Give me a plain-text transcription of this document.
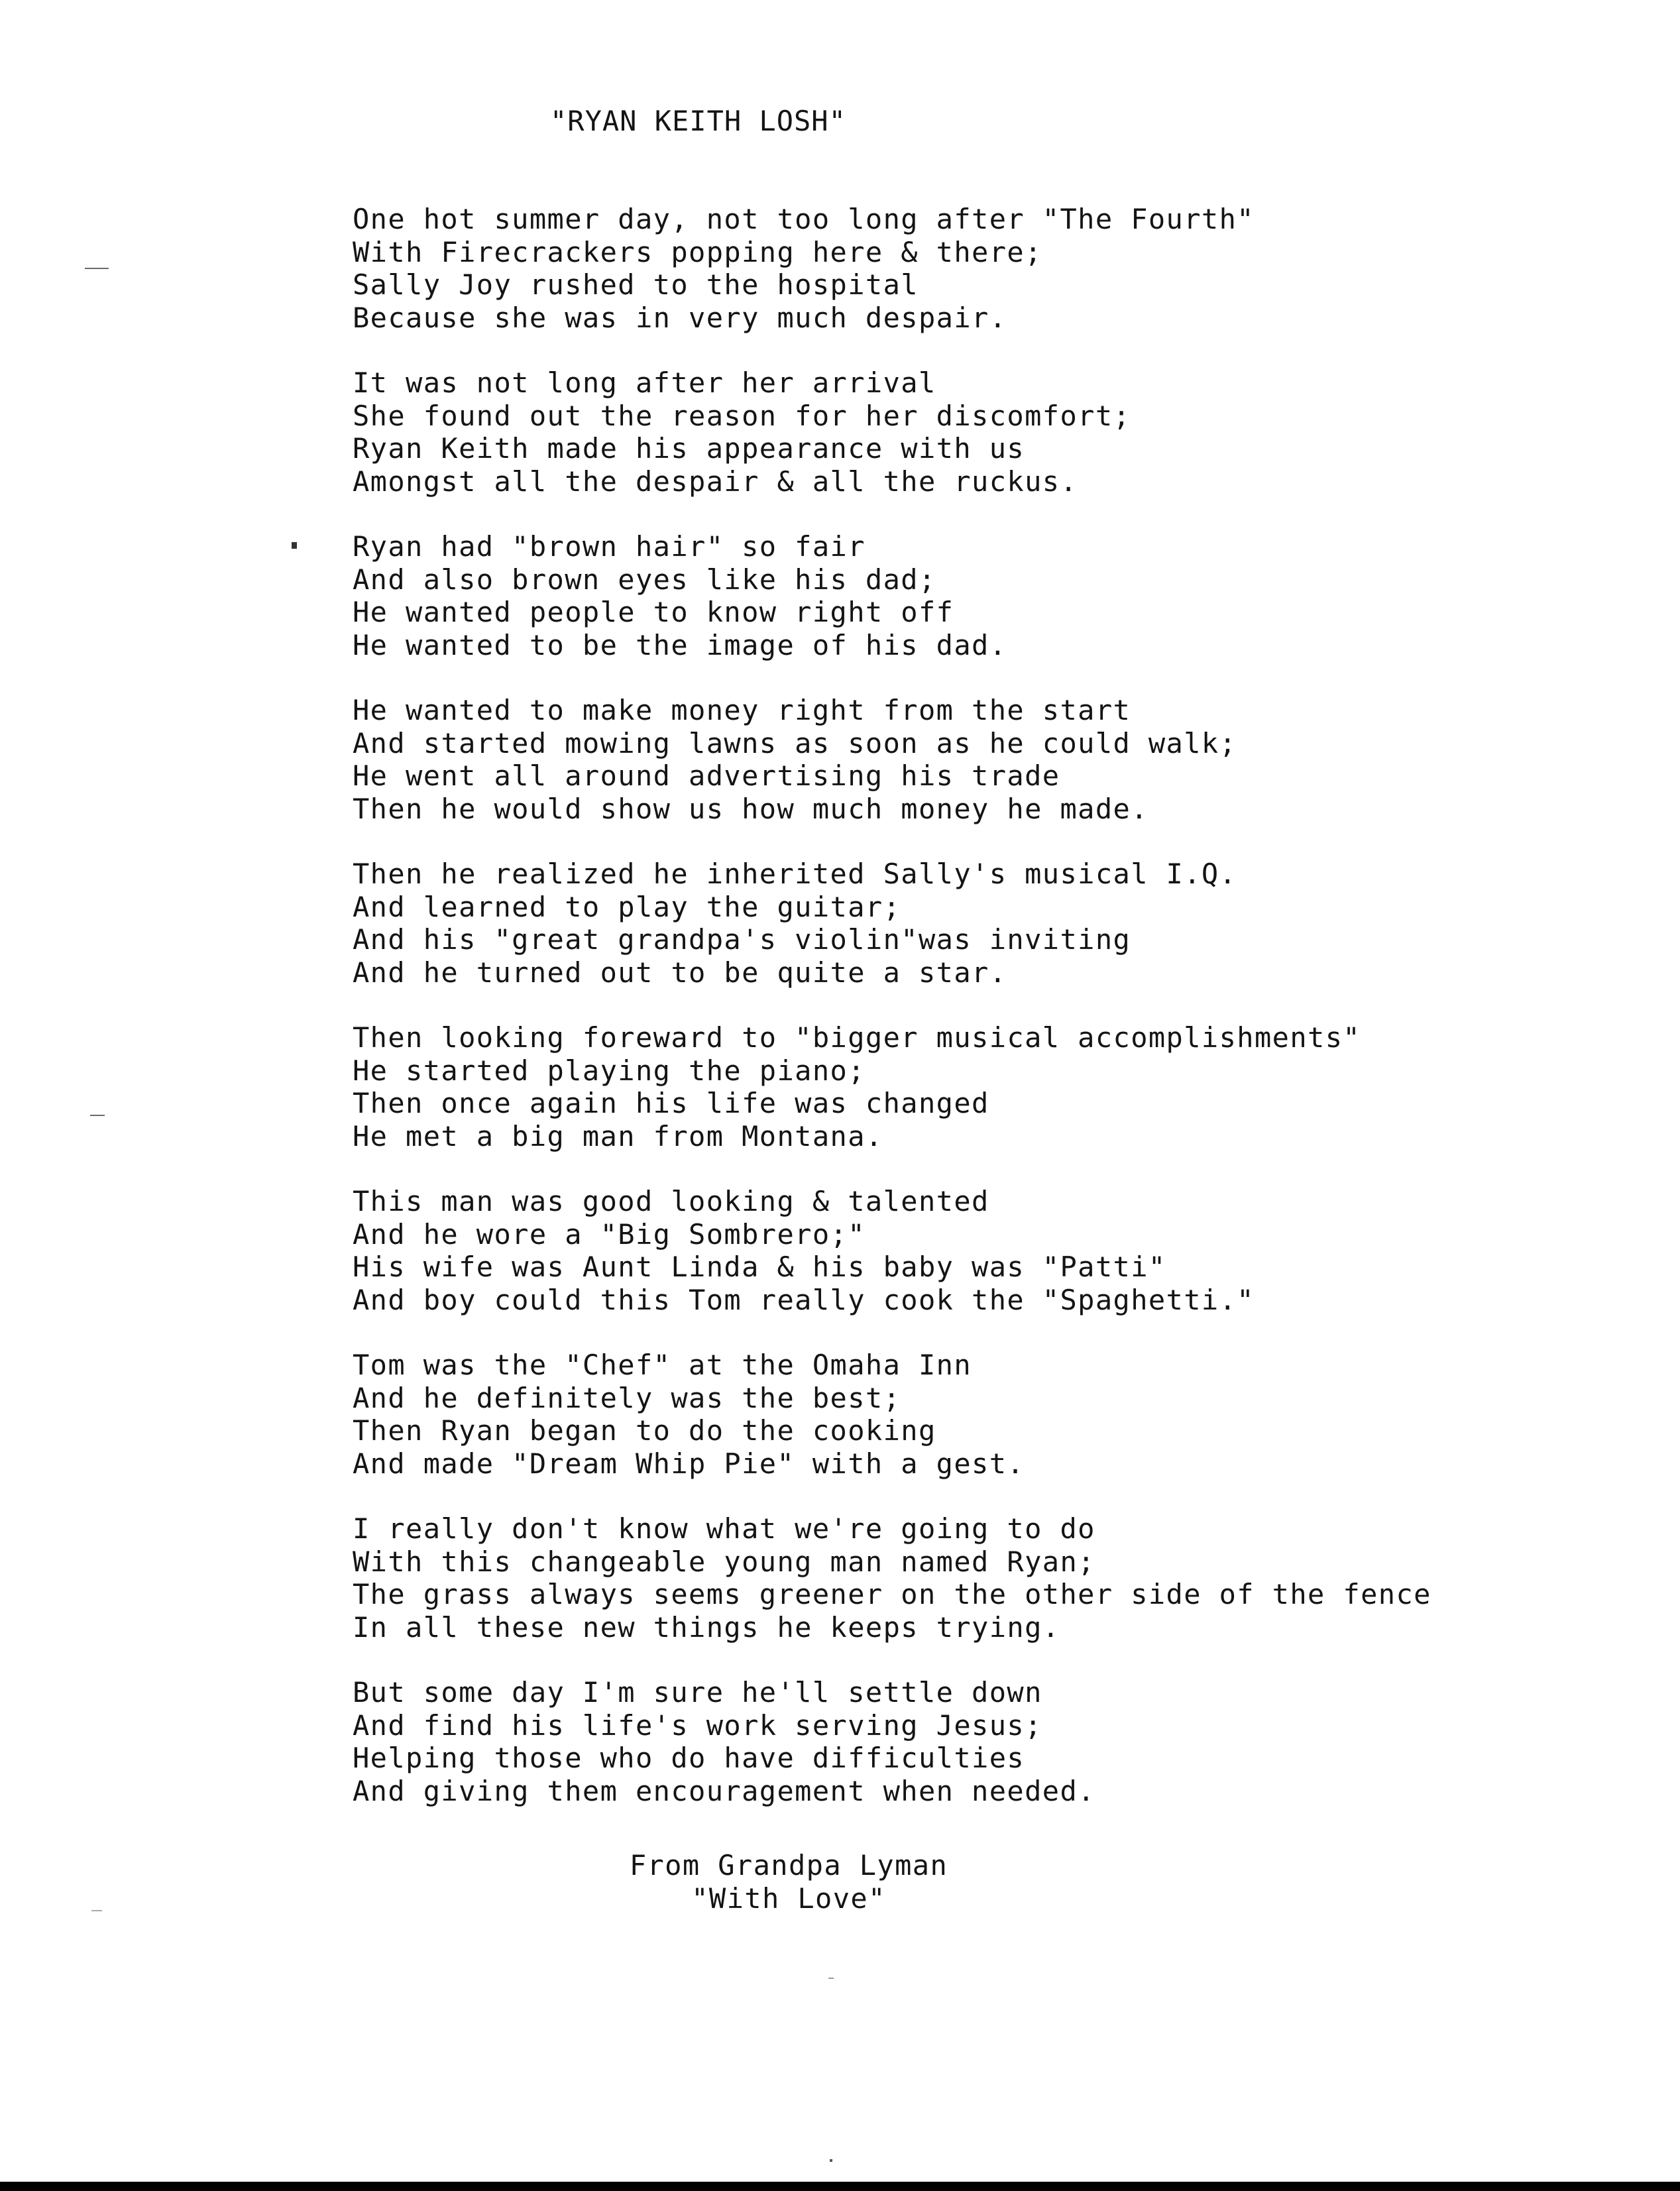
"RYAN KEITH LOSH"
One hot summer day, not too long after "The Fourth"
With Firecrackers popping here & there;
Sally Joy rushed to the hospital
Because she was in very much despair.
It was not long after her arrival
She found out the reason for her discomfort;
Ryan Keith made his appearance with us
Amongst all the despair & all the ruckus.
Ryan had "brown hair" so fair
And also brown eyes like his dad;
He wanted people to know right off
He wanted to be the image of his dad.
He wanted to make money right from the start
And started mowing lawns as soon as he could walk;
He went all around advertising his trade
Then he would show us how much money he made.
Then he realized he inherited Sally's musical I.Q.
And learned to play the guitar;
And his "great grandpa's violin"was inviting
And he turned out to be quite a star.
Then looking foreward to "bigger musical accomplishments"
He started playing the piano;
Then once again his life was changed
He met a big man from Montana.
This man was good looking & talented
And he wore a "Big Sombrero;"
His wife was Aunt Linda & his baby was "Patti"
And boy could this Tom really cook the "Spaghetti."
Tom was the "Chef" at the Omaha Inn
And he definitely was the best;
Then Ryan began to do the cooking
And made "Dream Whip Pie" with a gest.
I really don't know what we're going to do
With this changeable young man named Ryan;
The grass always seems greener on the other side of the fence
In all these new things he keeps trying.
But some day I'm sure he'll settle down
And find his life's work serving Jesus;
Helping those who do have difficulties
And giving them encouragement when needed.
From Grandpa Lyman
"With Love"
